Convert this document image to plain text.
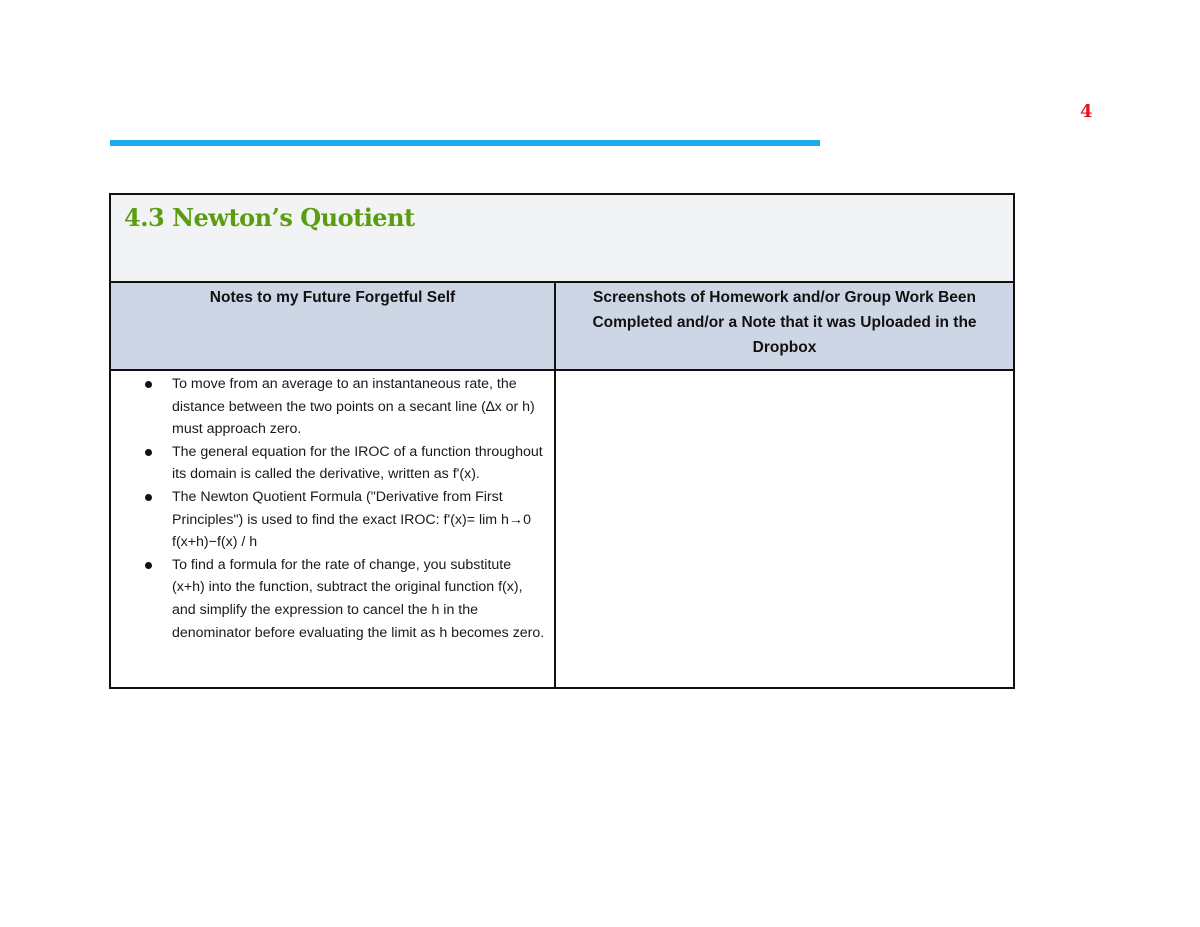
4
4.3 Newton’s Quotient	

Notes to my Future Forgetful Self	Screenshots of Homework and/or Group Work Been Completed and/or a Note that it was Uploaded in the Dropbox

To move from an average to an instantaneous rate, the distance between the two points on a secant line (∆x or h) must approach zero.
The general equation for the IROC of a function throughout its domain is called the derivative, written as f'(x).
The Newton Quotient Formula ("Derivative from First Principles") is used to find the exact IROC: f'(x)= lim h→0 f(x+h)−f(x) / h
To find a formula for the rate of change, you substitute (x+h) into the function, subtract the original function f(x), and simplify the expression to cancel the h in the denominator before evaluating the limit as h becomes zero.
